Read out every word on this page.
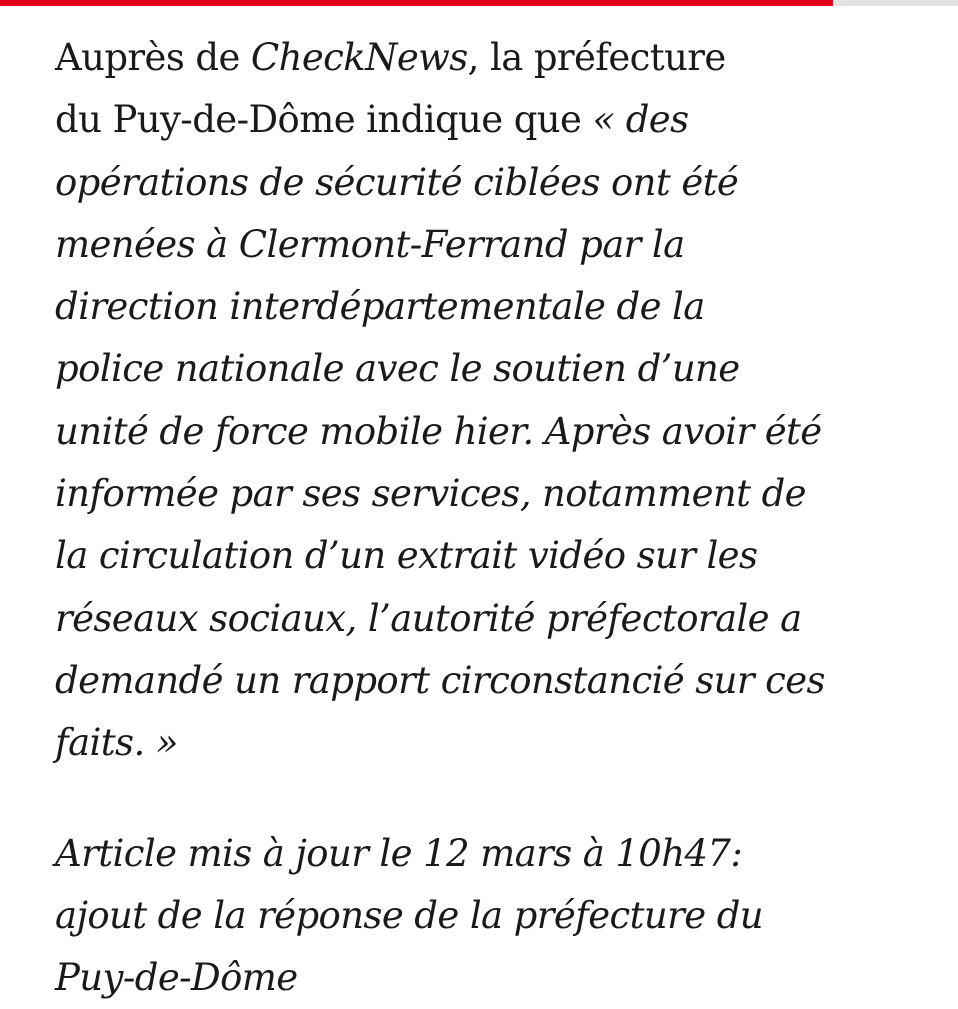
Auprès de CheckNews, la préfecture
du Puy-de-Dôme indique que « des
opérations de sécurité ciblées ont été
menées à Clermont-Ferrand par la
direction interdépartementale de la
police nationale avec le soutien d’une
unité de force mobile hier. Après avoir été
informée par ses services, notamment de
la circulation d’un extrait vidéo sur les
réseaux sociaux, l’autorité préfectorale a
demandé un rapport circonstancié sur ces
faits. »

Article mis à jour le 12 mars à 10h47:
ajout de la réponse de la préfecture du
Puy-de-Dôme
